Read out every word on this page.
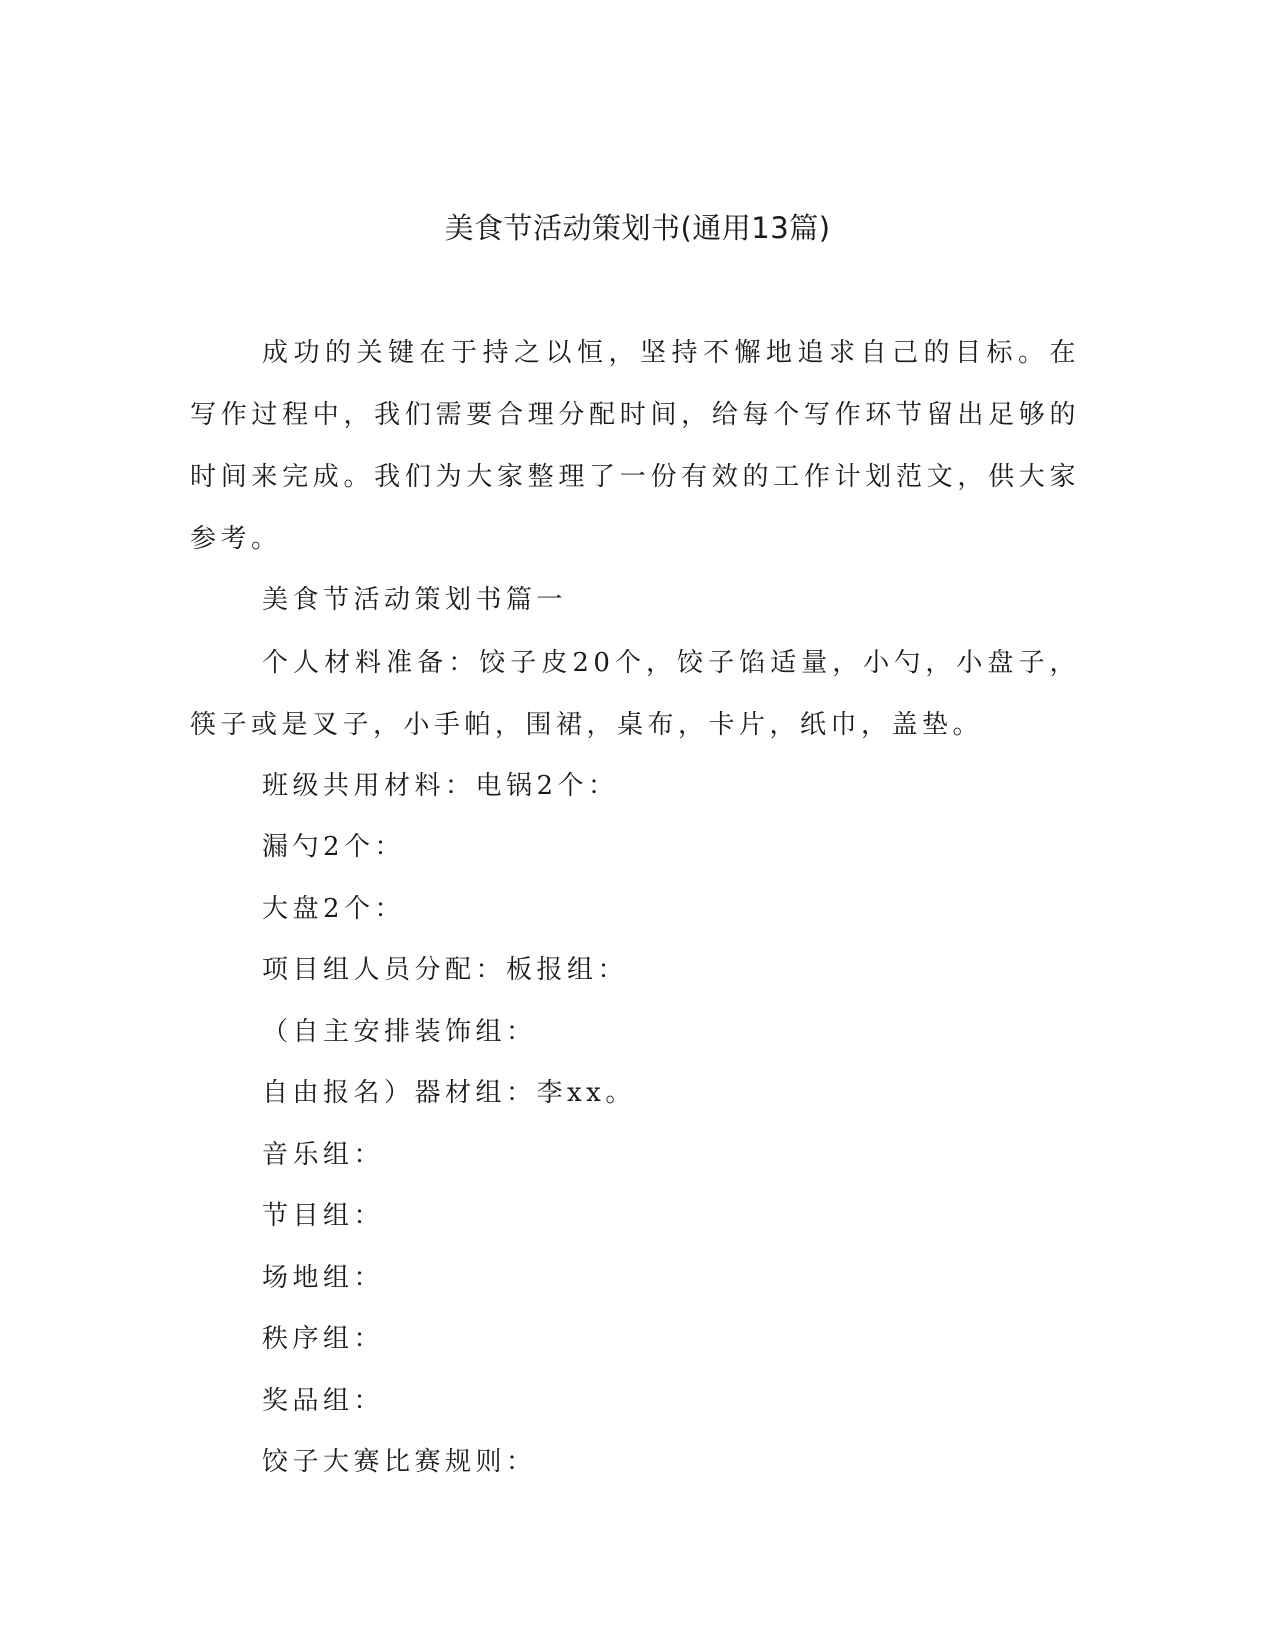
美食节活动策划书(通用13篇)

成功的关键在于持之以恒，坚持不懈地追求自己的目标。在写作过程中，我们需要合理分配时间，给每个写作环节留出足够的时间来完成。我们为大家整理了一份有效的工作计划范文，供大家参考。

美食节活动策划书篇一

个人材料准备：饺子皮20个，饺子馅适量，小勺，小盘子，筷子或是叉子，小手帕，围裙，桌布，卡片，纸巾，盖垫。

班级共用材料：电锅2个：

漏勺2个：

大盘2个：

项目组人员分配：板报组：

（自主安排装饰组：

自由报名）器材组：李xx。

音乐组：

节目组：

场地组：

秩序组：

奖品组：

饺子大赛比赛规则：
